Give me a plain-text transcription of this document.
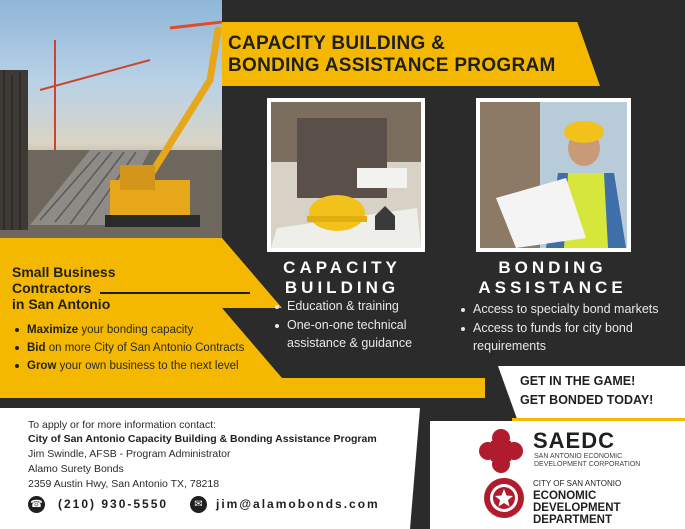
CAPACITY BUILDING &
BONDING ASSISTANCE PROGRAM
Small Business
Contractors
in San Antonio
Maximize your bonding capacity
Bid on more City of San Antonio Contracts
Grow your own business to the next level
CAPACITY
BUILDING
Education & training
One-on-one technical
assistance & guidance
BONDING
ASSISTANCE
Access to specialty bond markets
Access to funds for city bond
requirements
GET IN THE GAME!
GET BONDED TODAY!
To apply or for more information contact:
City of San Antonio Capacity Building & Bonding Assistance Program
Jim Swindle, AFSB - Program Administrator
Alamo Surety Bonds
2359 Austin Hwy, San Antonio TX, 78218
☎ (210) 930-5550	✉	jim@alamobonds.com
SAEDC
SAN ANTONIO ECONOMIC
DEVELOPMENT CORPORATION
CITY OF SAN ANTONIO
ECONOMIC DEVELOPMENT
DEPARTMENT
